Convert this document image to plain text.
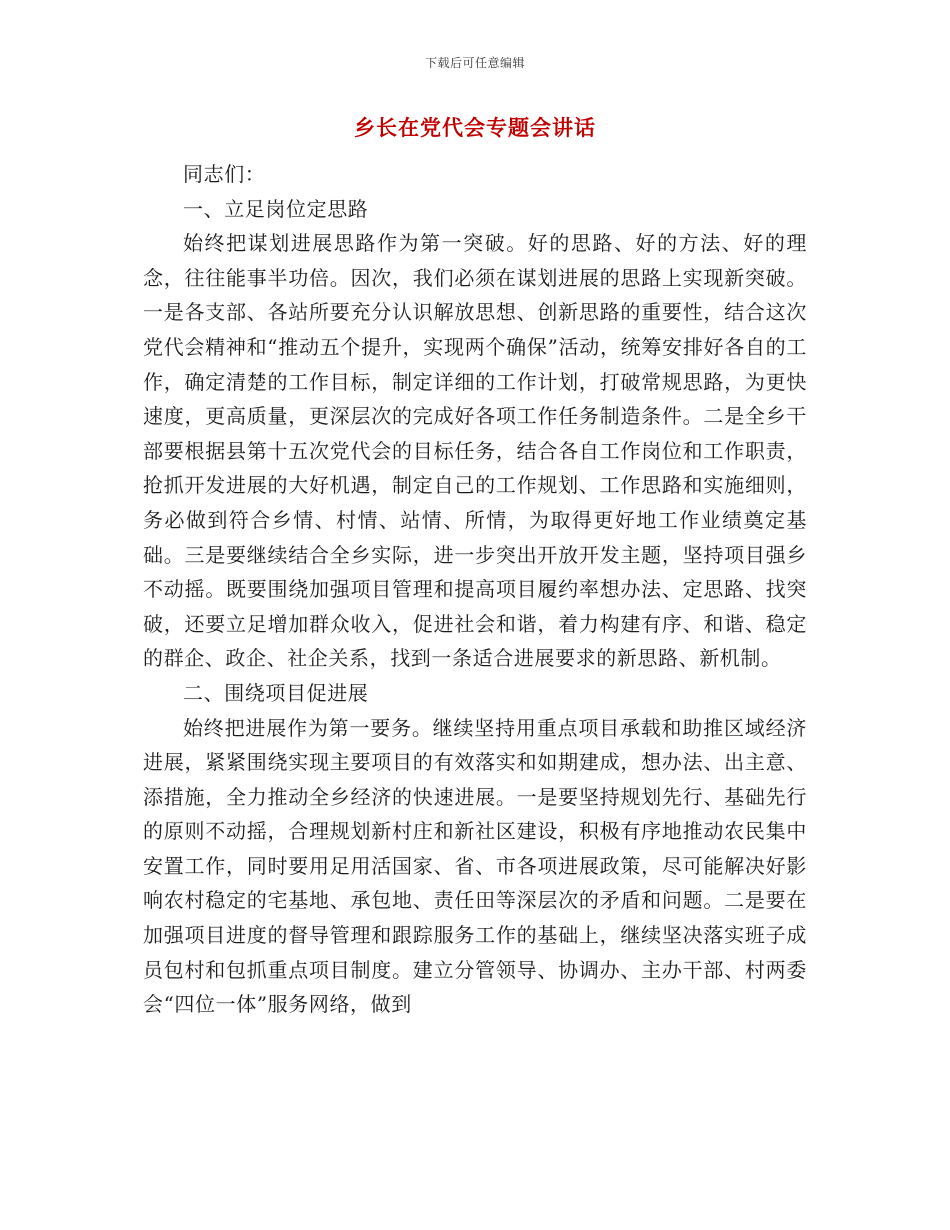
下载后可任意编辑
乡长在党代会专题会讲话

同志们：

一、立足岗位定思路

始终把谋划进展思路作为第一突破。好的思路、好的方法、好的理念，往往能事半功倍。因次，我们必须在谋划进展的思路上实现新突破。一是各支部、各站所要充分认识解放思想、创新思路的重要性，结合这次党代会精神和“推动五个提升，实现两个确保”活动，统筹安排好各自的工作，确定清楚的工作目标，制定详细的工作计划，打破常规思路，为更快速度，更高质量，更深层次的完成好各项工作任务制造条件。二是全乡干部要根据县第十五次党代会的目标任务，结合各自工作岗位和工作职责，抢抓开发进展的大好机遇，制定自己的工作规划、工作思路和实施细则，务必做到符合乡情、村情、站情、所情，为取得更好地工作业绩奠定基础。三是要继续结合全乡实际，进一步突出开放开发主题，坚持项目强乡不动摇。既要围绕加强项目管理和提高项目履约率想办法、定思路、找突破，还要立足增加群众收入，促进社会和谐，着力构建有序、和谐、稳定的群企、政企、社企关系，找到一条适合进展要求的新思路、新机制。

二、围绕项目促进展

始终把进展作为第一要务。继续坚持用重点项目承载和助推区域经济进展，紧紧围绕实现主要项目的有效落实和如期建成，想办法、出主意、添措施，全力推动全乡经济的快速进展。一是要坚持规划先行、基础先行的原则不动摇，合理规划新村庄和新社区建设，积极有序地推动农民集中安置工作，同时要用足用活国家、省、市各项进展政策，尽可能解决好影响农村稳定的宅基地、承包地、责任田等深层次的矛盾和问题。二是要在加强项目进度的督导管理和跟踪服务工作的基础上，继续坚决落实班子成员包村和包抓重点项目制度。建立分管领导、协调办、主办干部、村两委会“四位一体”服务网络，做到
